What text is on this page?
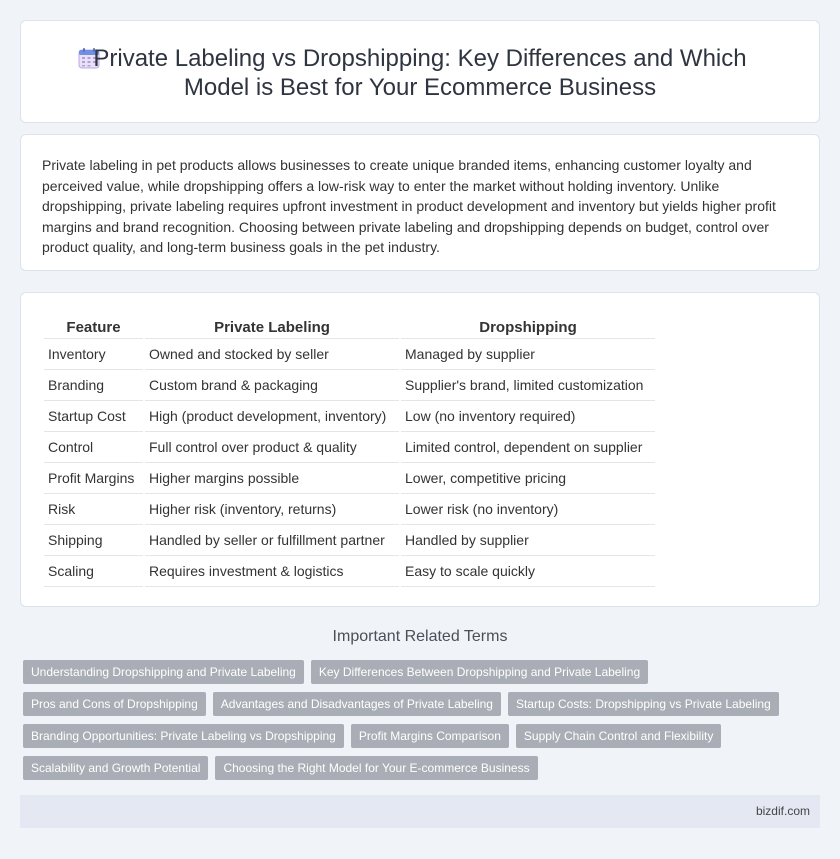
Private Labeling vs Dropshipping: Key Differences and Which Model is Best for Your Ecommerce Business

Private labeling in pet products allows businesses to create unique branded items, enhancing customer loyalty and perceived value, while dropshipping offers a low-risk way to enter the market without holding inventory. Unlike dropshipping, private labeling requires upfront investment in product development and inventory but yields higher profit margins and brand recognition. Choosing between private labeling and dropshipping depends on budget, control over product quality, and long-term business goals in the pet industry.

Feature	Private Labeling	Dropshipping
Inventory	Owned and stocked by seller	Managed by supplier
Branding	Custom brand & packaging	Supplier's brand, limited customization
Startup Cost	High (product development, inventory)	Low (no inventory required)
Control	Full control over product & quality	Limited control, dependent on supplier
Profit Margins	Higher margins possible	Lower, competitive pricing
Risk	Higher risk (inventory, returns)	Lower risk (no inventory)
Shipping	Handled by seller or fulfillment partner	Handled by supplier
Scaling	Requires investment & logistics	Easy to scale quickly
Important Related Terms
Understanding Dropshipping and Private Labeling	Key Differences Between Dropshipping and Private Labeling
Pros and Cons of Dropshipping	Advantages and Disadvantages of Private Labeling	Startup Costs: Dropshipping vs Private Labeling
Branding Opportunities: Private Labeling vs Dropshipping	Profit Margins Comparison	Supply Chain Control and Flexibility
Scalability and Growth Potential	Choosing the Right Model for Your E-commerce Business
bizdif.com
